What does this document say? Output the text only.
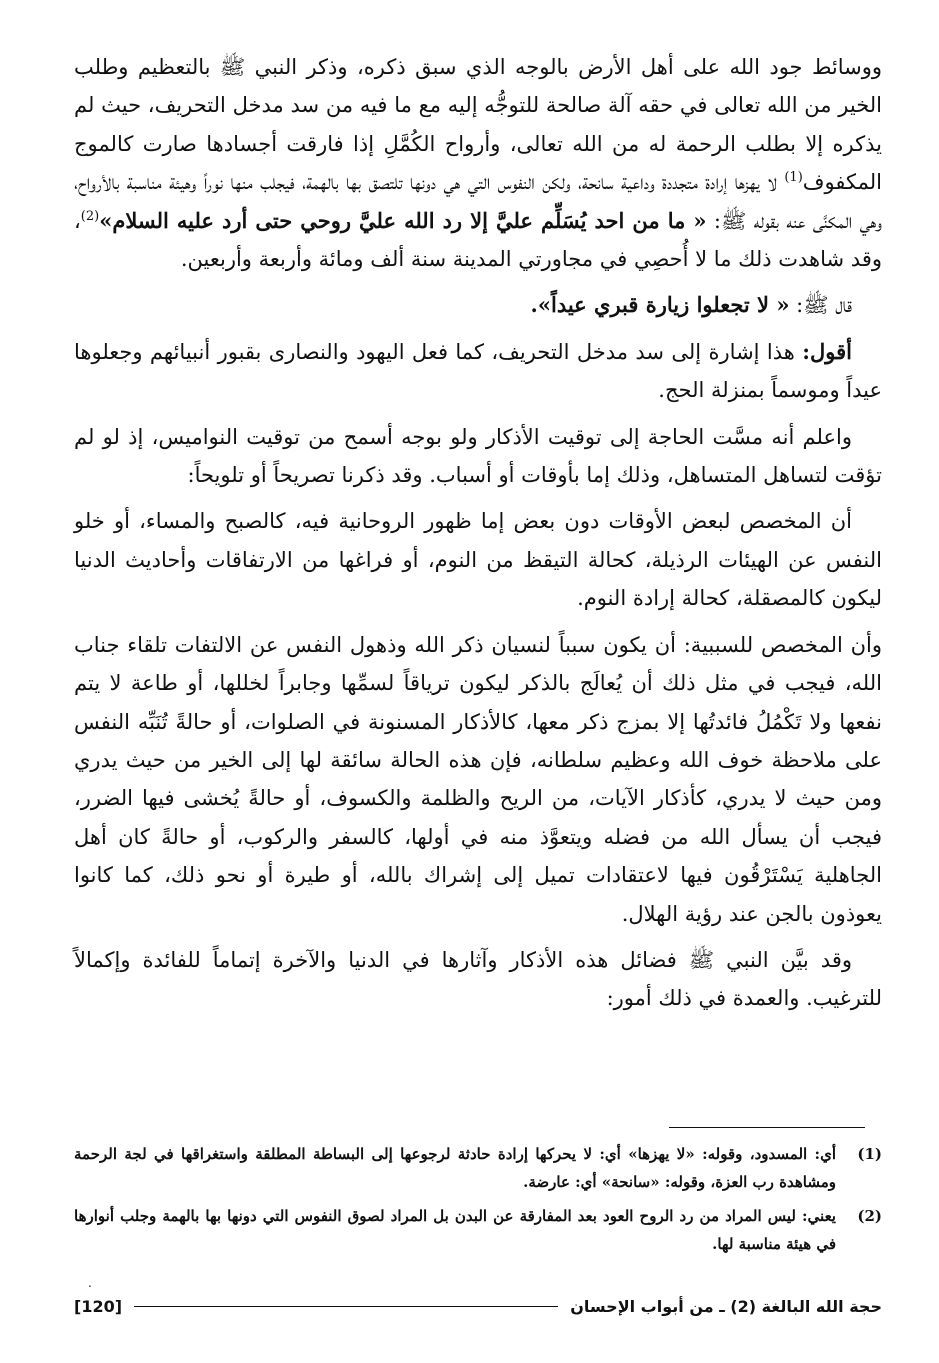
ووسائط جود الله على أهل الأرض بالوجه الذي سبق ذكره، وذكر النبي ﷺ بالتعظيم وطلب الخير من الله تعالى في حقه آلة صالحة للتوجُّه إليه مع ما فيه من سد مدخل التحريف، حيث لم يذكره إلا بطلب الرحمة له من الله تعالى، وأرواح الكُمَّلِ إذا فارقت أجسادها صارت كالموج المكفوف$^{(1)}$ لا يهزها إرادة متجددة وداعية سانحة، ولكن النفوس التي هي دونها تلتصق بها بالهمة، فيجلب منها نوراً وهيئة مناسبة بالأرواح، وهي المكنَّى عنه بقوله ﷺ: « ما من احد يُسَلِّم عليَّ إلا رد الله عليَّ روحي حتى أرد عليه السلام»$^{(2)}$، وقد شاهدت ذلك ما لا أُحصِي في مجاورتي المدينة سنة ألف ومائة وأربعة وأربعين.

قال ﷺ: « لا تجعلوا زيارة قبري عيداً».

أقول: هذا إشارة إلى سد مدخل التحريف، كما فعل اليهود والنصارى بقبور أنبيائهم وجعلوها عيداً وموسماً بمنزلة الحج.

واعلم أنه مسَّت الحاجة إلى توقيت الأذكار ولو بوجه أسمح من توقيت النواميس، إذ لو لم تؤقت لتساهل المتساهل، وذلك إما بأوقات أو أسباب. وقد ذكرنا تصريحاً أو تلويحاً:

أن المخصص لبعض الأوقات دون بعض إما ظهور الروحانية فيه، كالصبح والمساء، أو خلو النفس عن الهيئات الرذيلة، كحالة التيقظ من النوم، أو فراغها من الارتفاقات وأحاديث الدنيا ليكون كالمصقلة، كحالة إرادة النوم.

وأن المخصص للسببية: أن يكون سبباً لنسيان ذكر الله وذهول النفس عن الالتفات تلقاء جناب الله، فيجب في مثل ذلك أن يُعالَج بالذكر ليكون ترياقاً لسمِّها وجابراً لخللها، أو طاعة لا يتم نفعها ولا تَكْمُلُ فائدتُها إلا بمزج ذكر معها، كالأذكار المسنونة في الصلوات، أو حالةً تُنَبِّه النفس على ملاحظة خوف الله وعظيم سلطانه، فإن هذه الحالة سائقة لها إلى الخير من حيث يدري ومن حيث لا يدري، كأذكار الآيات، من الريح والظلمة والكسوف، أو حالةً يُخشى فيها الضرر، فيجب أن يسأل الله من فضله ويتعوَّذ منه في أولها، كالسفر والركوب، أو حالةً كان أهل الجاهلية يَسْتَرْقُون فيها لاعتقادات تميل إلى إشراك بالله، أو طيرة أو نحو ذلك، كما كانوا يعوذون بالجن عند رؤية الهلال.

وقد بيَّن النبي ﷺ فضائل هذه الأذكار وآثارها في الدنيا والآخرة إتماماً للفائدة وإكمالاً للترغيب. والعمدة في ذلك أمور:

(1)
أي: المسدود، وقوله: «لا يهزها» أي: لا يحركها إرادة حادثة لرجوعها إلى البساطة المطلقة واستغراقها في لجة الرحمة ومشاهدة رب العزة، وقوله: «سانحة» أي: عارضة.
(2)
يعني: ليس المراد من رد الروح العود بعد المفارقة عن البدن بل المراد لصوق النفوس التي دونها بها بالهمة وجلب أنوارها في هيئة مناسبة لها.
.
حجة الله البالغة (2) ـ من أبواب الإحسان
[120]
